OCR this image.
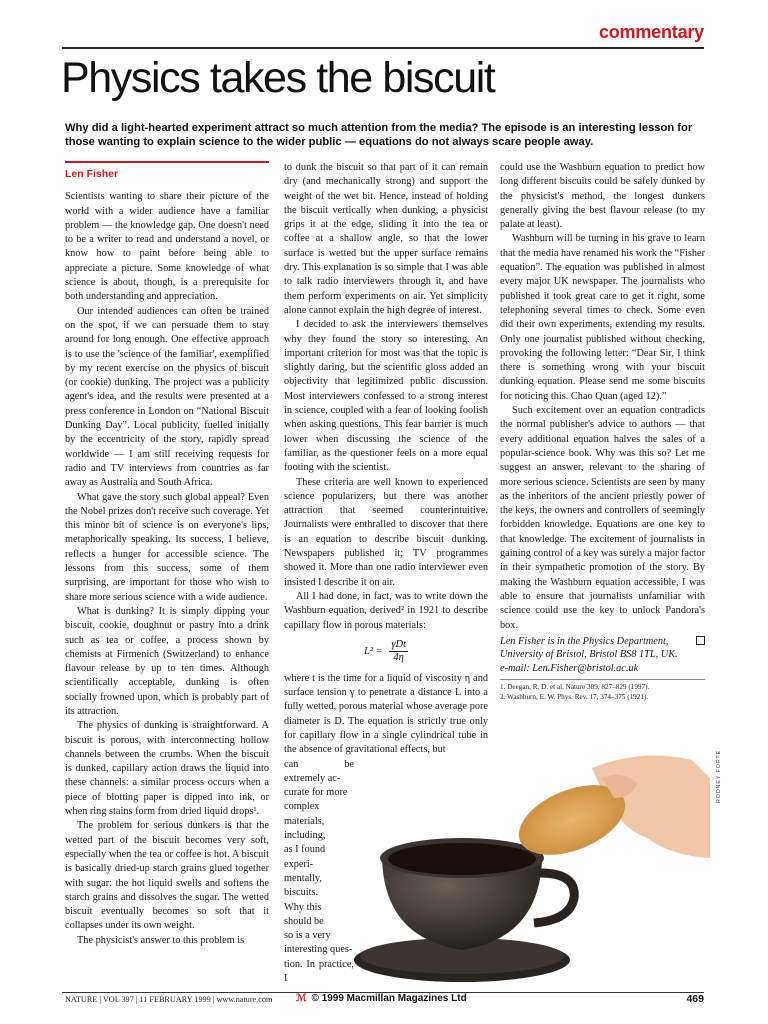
commentary
Physics takes the biscuit

Why did a light-hearted experiment attract so much attention from the media? The episode is an interesting lesson for those wanting to explain science to the wider public — equations do not always scare people away.

Len Fisher

Scientists wanting to share their picture of the world with a wider audience have a familiar problem — the knowledge gap. One doesn't need to be a writer to read and understand a novel, or know how to paint before being able to appreciate a picture. Some knowledge of what science is about, though, is a prerequisite for both understanding and appreciation.

Our intended audiences can often be trained on the spot, if we can persuade them to stay around for long enough. One effective approach is to use the 'science of the familiar', exemplified by my recent exercise on the physics of biscuit (or cookie) dunking. The project was a publicity agent's idea, and the results were presented at a press conference in London on “National Biscuit Dunking Day”. Local publicity, fuelled initially by the eccentricity of the story, rapidly spread worldwide — I am still receiving requests for radio and TV interviews from countries as far away as Australia and South Africa.

What gave the story such global appeal? Even the Nobel prizes don't receive such coverage. Yet this minor bit of science is on everyone's lips, metaphorically speaking. Its success, I believe, reflects a hunger for accessible science. The lessons from this success, some of them surprising, are important for those who wish to share more serious science with a wide audience.

What is dunking? It is simply dipping your biscuit, cookie, doughnut or pastry into a drink such as tea or coffee, a process shown by chemists at Firmenich (Switzerland) to enhance flavour release by up to ten times. Although scientifically acceptable, dunking is often socially frowned upon, which is probably part of its attraction.

The physics of dunking is straightforward. A biscuit is porous, with interconnecting hollow channels between the crumbs. When the biscuit is dunked, capillary action draws the liquid into these channels: a similar process occurs when a piece of blotting paper is dipped into ink, or when ring stains form from dried liquid drops¹.

The problem for serious dunkers is that the wetted part of the biscuit becomes very soft, especially when the tea or coffee is hot. A biscuit is basically dried-up starch grains glued together with sugar: the hot liquid swells and softens the starch grains and dissolves the sugar. The wetted biscuit eventually becomes so soft that it collapses under its own weight.

The physicist's answer to this problem is

to dunk the biscuit so that part of it can remain dry (and mechanically strong) and support the weight of the wet bit. Hence, instead of holding the biscuit vertically when dunking, a physicist grips it at the edge, sliding it into the tea or coffee at a shallow angle, so that the lower surface is wetted but the upper surface remains dry. This explanation is so simple that I was able to talk radio interviewers through it, and have them perform experiments on air. Yet simplicity alone cannot explain the high degree of interest.

I decided to ask the interviewers themselves why they found the story so interesting. An important criterion for most was that the topic is slightly daring, but the scientific gloss added an objectivity that legitimized public discussion. Most interviewers confessed to a strong interest in science, coupled with a fear of looking foolish when asking questions. This fear barrier is much lower when discussing the science of the familiar, as the questioner feels on a more equal footing with the scientist.

These criteria are well known to experienced science popularizers, but there was another attraction that seemed counterintuitive. Journalists were enthralled to discover that there is an equation to describe biscuit dunking. Newspapers published it; TV programmes showed it. More than one radio interviewer even insisted I describe it on air.

All I had done, in fact, was to write down the Washburn equation, derived² in 1921 to describe capillary flow in porous materials:

$L^2 = \frac{\text{γDt}}{4\eta}$

where t is the time for a liquid of viscosity η and surface tension γ to penetrate a distance L into a fully wetted, porous material whose average pore diameter is D. The equation is strictly true only for capillary flow in a single cylindrical tube in the absence of gravitational effects, but

can be extremely ac-
curate for more
complex
materials,
including,
as I found
experi-
mentally,
biscuits.
Why this
should be
so is a very
interesting ques-
tion. In practice, I

could use the Washburn equation to predict how long different biscuits could be safely dunked by the physicist's method, the longest dunkers generally giving the best flavour release (to my palate at least).

Washburn will be turning in his grave to learn that the media have renamed his work the “Fisher equation”. The equation was published in almost every major UK newspaper. The journalists who published it took great care to get it right, some telephoning several times to check. Some even did their own experiments, extending my results. Only one journalist published without checking, provoking the following letter: “Dear Sir, I think there is something wrong with your biscuit dunking equation. Please send me some biscuits for noticing this. Chao Quan (aged 12).”

Such excitement over an equation contradicts the normal publisher's advice to authors — that every additional equation halves the sales of a popular-science book. Why was this so? Let me suggest an answer, relevant to the sharing of more serious science. Scientists are seen by many as the inheritors of the ancient priestly power of the keys, the owners and controllers of seemingly forbidden knowledge. Equations are one key to that knowledge. The excitement of journalists in gaining control of a key was surely a major factor in their sympathetic promotion of the story. By making the Washburn equation accessible, I was able to ensure that journalists unfamiliar with science could use the key to unlock Pandora's box.

Len Fisher is in the Physics Department,
University of Bristol, Bristol BS8 1TL, UK.
e-mail: Len.Fisher@bristol.ac.uk
1. Deegan, R. D. et al. Nature 389, 827–829 (1997).
2. Washburn, E. W. Phys. Rev. 17, 374–375 (1921).
RODNEY FORTE
NATURE | VOL 397 | 11 FEBRUARY 1999 | www.nature.com ℳ © 1999 Macmillan Magazines Ltd	469
